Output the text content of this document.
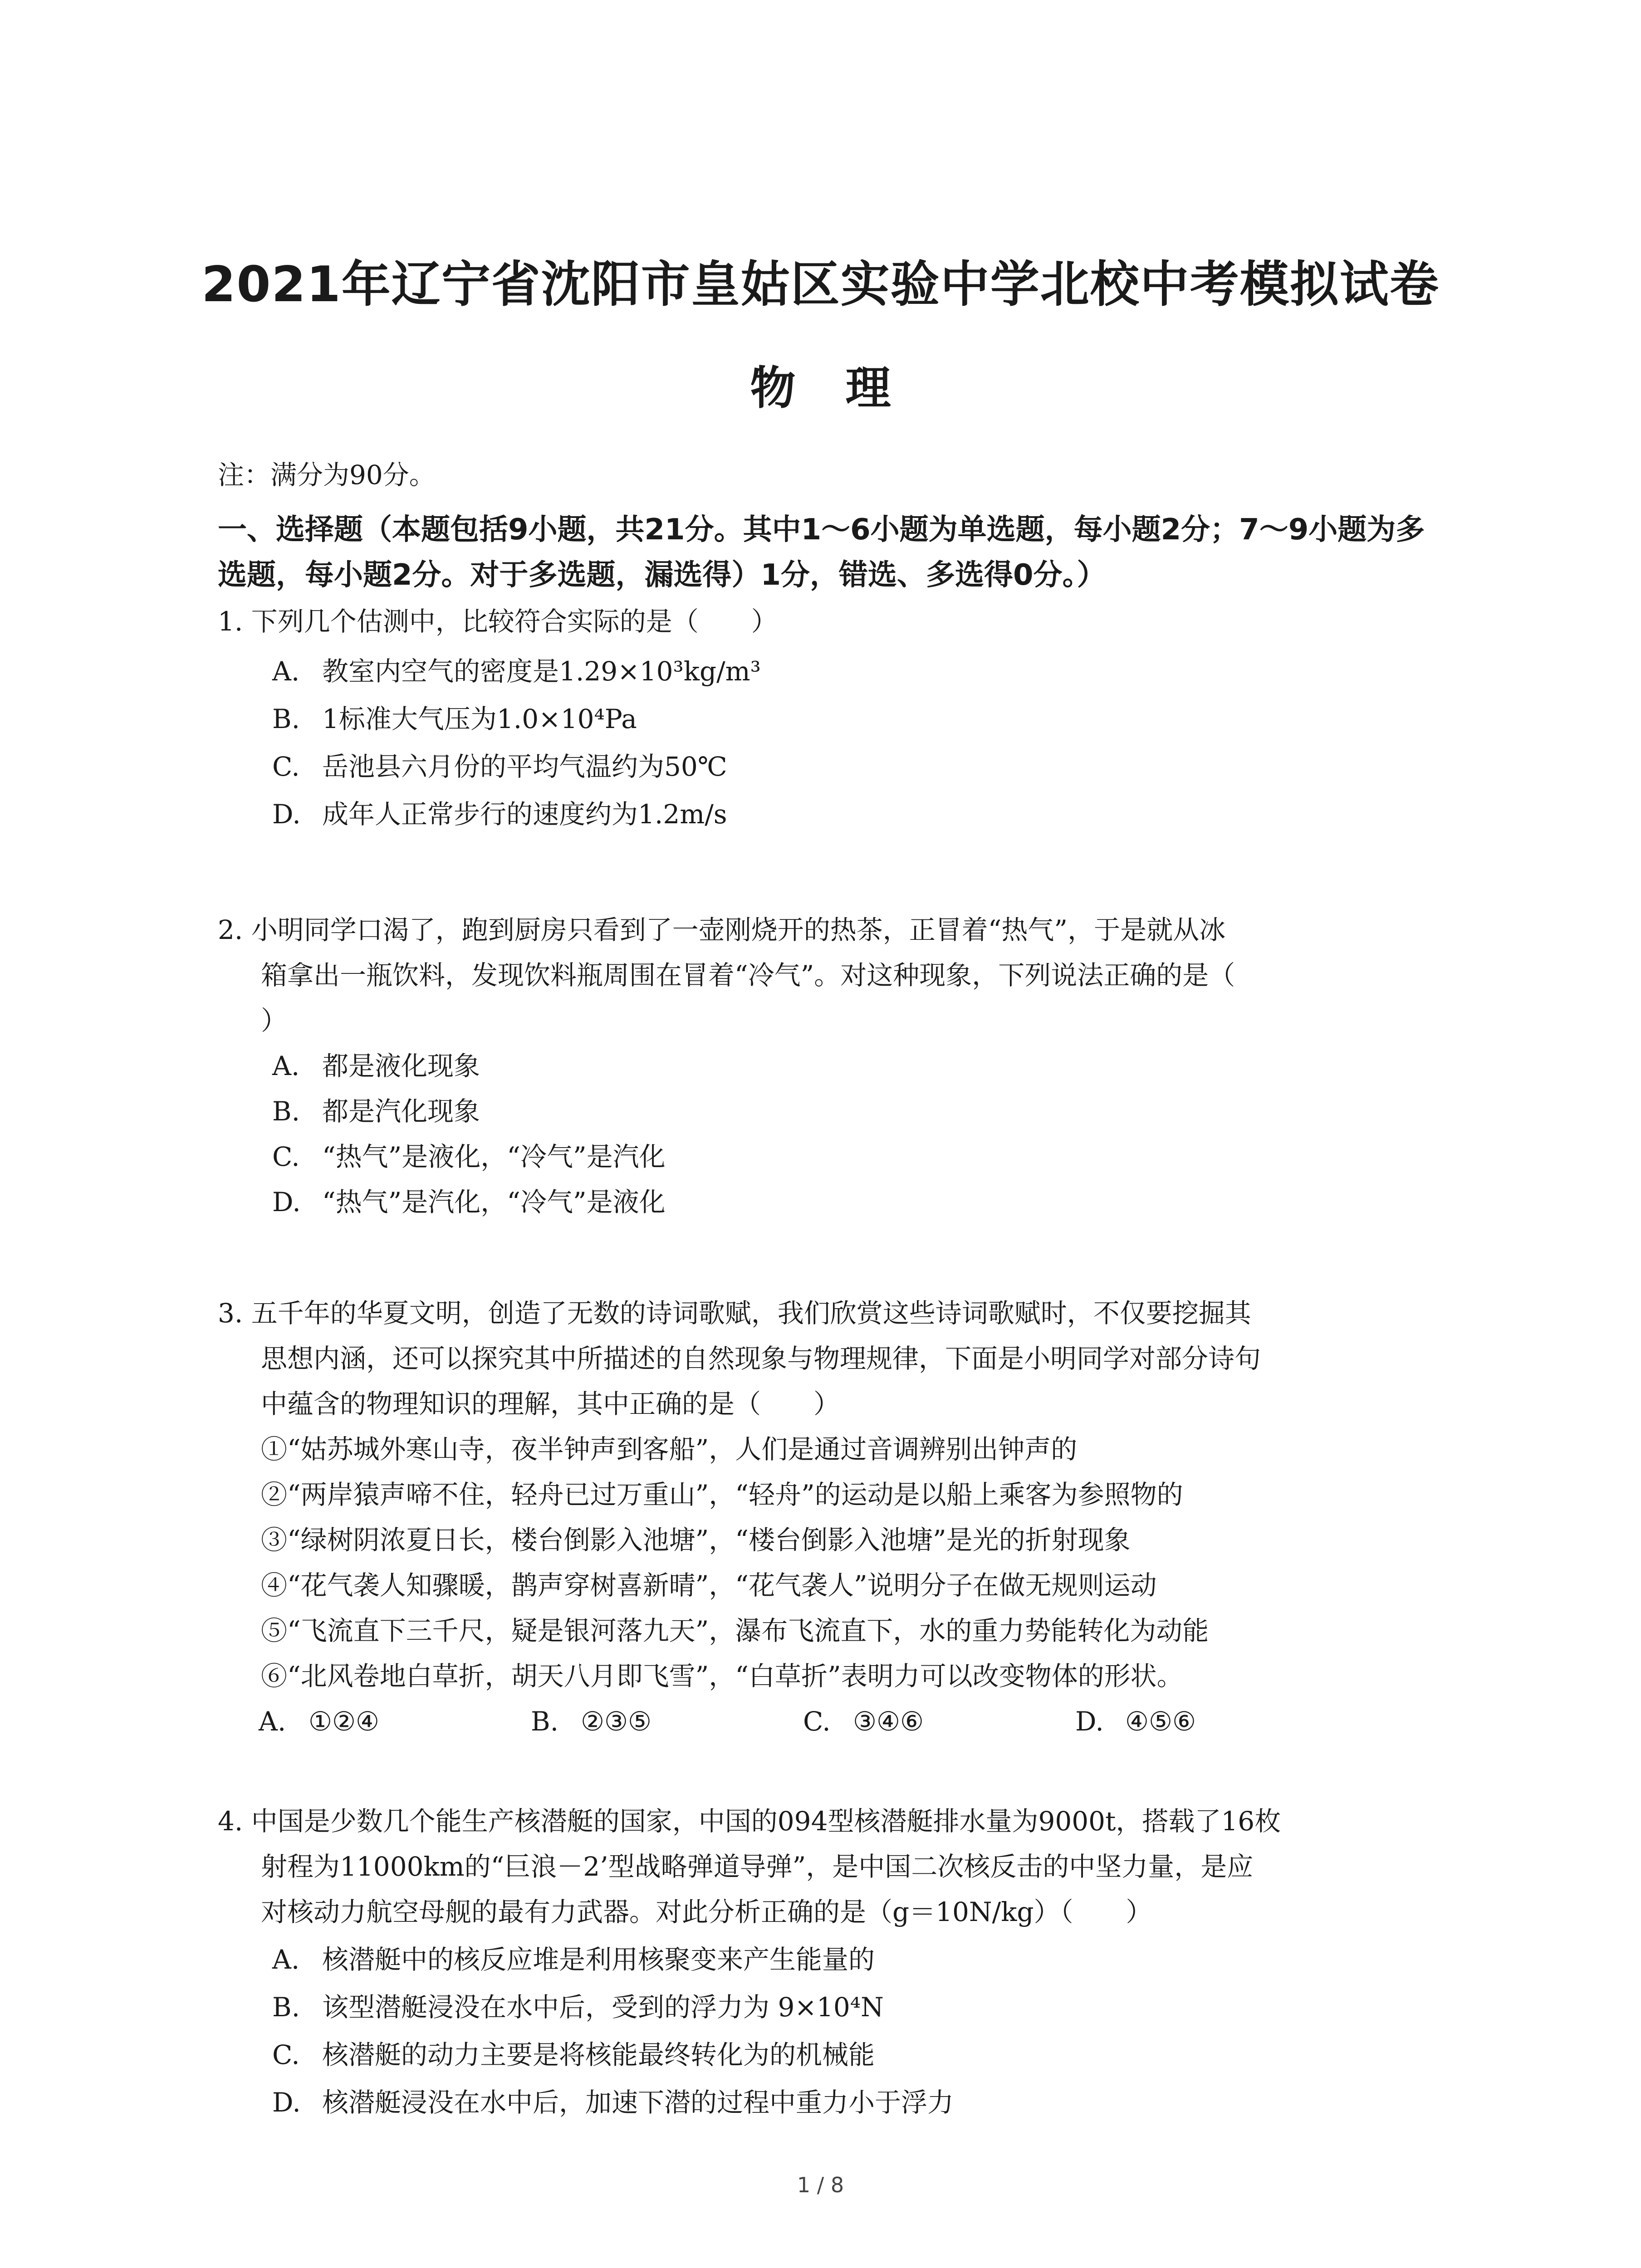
2021年辽宁省沈阳市皇姑区实验中学北校中考模拟试卷
物理
注：满分为90分。
一、选择题（本题包括9小题，共21分。其中1～6小题为单选题，每小题2分；7～9小题为多选题，每小题2分。对于多选题，漏选得）1分，错选、多选得0分。）
1. 下列几个估测中，比较符合实际的是（　　）
A. 教室内空气的密度是1.29×10³kg/m³
B. 1标准大气压为1.0×10⁴Pa
C. 岳池县六月份的平均气温约为50℃
D. 成年人正常步行的速度约为1.2m/s
2. 小明同学口渴了，跑到厨房只看到了一壶刚烧开的热茶，正冒着“热气”，于是就从冰
箱拿出一瓶饮料，发现饮料瓶周围在冒着“冷气”。对这种现象，下列说法正确的是（
）
A. 都是液化现象
B. 都是汽化现象
C. “热气”是液化，“冷气”是汽化
D. “热气”是汽化，“冷气”是液化
3. 五千年的华夏文明，创造了无数的诗词歌赋，我们欣赏这些诗词歌赋时，不仅要挖掘其
思想内涵，还可以探究其中所描述的自然现象与物理规律，下面是小明同学对部分诗句
中蕴含的物理知识的理解，其中正确的是（　　）
①“姑苏城外寒山寺，夜半钟声到客船”，人们是通过音调辨别出钟声的
②“两岸猿声啼不住，轻舟已过万重山”，“轻舟”的运动是以船上乘客为参照物的
③“绿树阴浓夏日长，楼台倒影入池塘”，“楼台倒影入池塘”是光的折射现象
④“花气袭人知骤暖，鹊声穿树喜新晴”，“花气袭人”说明分子在做无规则运动
⑤“飞流直下三千尺，疑是银河落九天”，瀑布飞流直下，水的重力势能转化为动能
⑥“北风卷地白草折，胡天八月即飞雪”，“白草折”表明力可以改变物体的形状。
A. ①②④	B. ②③⑤	C. ③④⑥	D. ④⑤⑥
4. 中国是少数几个能生产核潜艇的国家，中国的094型核潜艇排水量为9000t，搭载了16枚
射程为11000km的“巨浪－2’型战略弹道导弹”，是中国二次核反击的中坚力量，是应
对核动力航空母舰的最有力武器。对此分析正确的是（g＝10N/kg）（　　）
A. 核潜艇中的核反应堆是利用核聚变来产生能量的
B. 该型潜艇浸没在水中后，受到的浮力为 9×10⁴N
C. 核潜艇的动力主要是将核能最终转化为的机械能
D. 核潜艇浸没在水中后，加速下潜的过程中重力小于浮力
1 / 8
